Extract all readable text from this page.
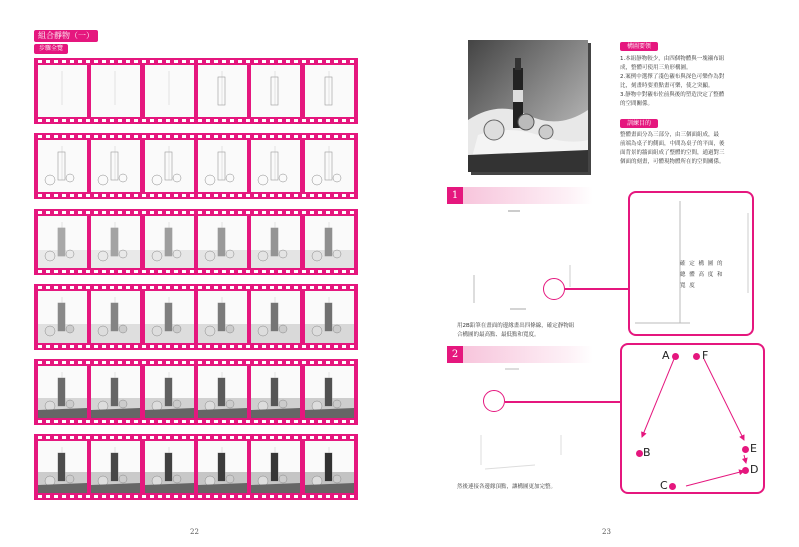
組合靜物（一）
步驟全覽
22
構圖要領
1.本組靜物較少，由四個物體與一塊襯布組
成，整體可使用三角形構圖。
2.案例中選擇了淺色襯布與深色可樂作為對
比，刻畫時要重點畫可樂，使之突顯。
3.靜物中對襯布佐前與後的塑造決定了整體
的空間關係。
訓練目的
整體畫面分為三部分，由三個面組成，最
前端為桌子的側面，中間為桌子的平面，後
面背景的牆面組成了整體的空間，通過對三
個面的刻畫，可體現物體所在的空間關係。
1
確 定 構 圖 的
總 體 高 度 和
寬 度
用2B鉛筆在畫面的邊緣畫出四條線，確定靜物組
合構圖的最高點、最低點和寬度。
2	A	F
B	E
D
C
然後連接各邊緣頂點，讓構圖更加完整。
23
